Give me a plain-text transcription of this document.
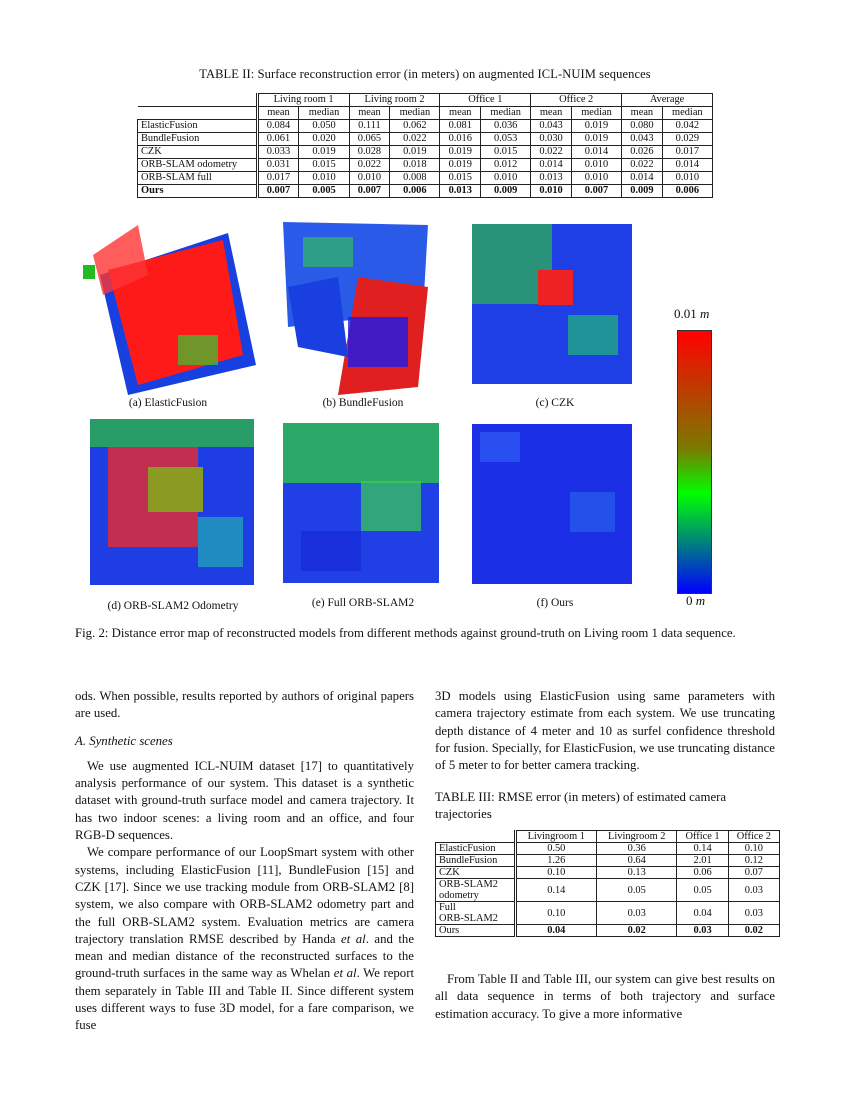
TABLE II: Surface reconstruction error (in meters) on augmented ICL-NUIM sequences
	Living room 1		Living room 2		Office 1		Office 2		Average	
	mean	median	mean	median	mean	median	mean	median	mean	median
ElasticFusion	0.084	0.050	0.111	0.062	0.081	0.036	0.043	0.019	0.080	0.042
BundleFusion	0.061	0.020	0.065	0.022	0.016	0.053	0.030	0.019	0.043	0.029
CZK	0.033	0.019	0.028	0.019	0.019	0.015	0.022	0.014	0.026	0.017
ORB-SLAM odometry	0.031	0.015	0.022	0.018	0.019	0.012	0.014	0.010	0.022	0.014
ORB-SLAM full	0.017	0.010	0.010	0.008	0.015	0.010	0.013	0.010	0.014	0.010
Ours	0.007	0.005	0.007	0.006	0.013	0.009	0.010	0.007	0.009	0.006
(a) ElasticFusion	(b) BundleFusion	(c) CZK
(d) ORB-SLAM2 Odometry	(e) Full ORB-SLAM2	(f) Ours
0.01 m
0 m
Fig. 2: Distance error map of reconstructed models from different methods against ground-truth on Living room 1 data sequence.

ods. When possible, results reported by authors of original papers are used.

A. Synthetic scenes

We use augmented ICL-NUIM dataset [17] to quantitatively analysis performance of our system. This dataset is a synthetic dataset with ground-truth surface model and camera trajectory. It has two indoor scenes: a living room and an office, and four RGB-D sequences.

We compare performance of our LoopSmart system with other systems, including ElasticFusion [11], BundleFusion [15] and CZK [17]. Since we use tracking module from ORB-SLAM2 [8] system, we also compare with ORB-SLAM2 odometry part and the full ORB-SLAM2 system. Evaluation metrics are camera trajectory translation RMSE described by Handa et al. and the mean and median distance of the reconstructed surfaces to the ground-truth surfaces in the same way as Whelan et al. We report them separately in Table III and Table II. Since different system uses different ways to fuse 3D model, for a fare comparison, we fuse

3D models using ElasticFusion using same parameters with camera trajectory estimate from each system. We use truncating depth distance of 4 meter and 10 as surfel confidence threshold for fusion. Specially, for ElasticFusion, we use truncating distance of 5 meter to for better camera tracking.

TABLE III: RMSE error (in meters) of estimated camera trajectories
	Livingroom 1	Livingroom 2	Office 1	Office 2

ElasticFusion	0.50	0.36	0.14	0.10

BundleFusion	1.26	0.64	2.01	0.12

CZK	0.10	0.13	0.06	0.07

ORB-SLAM2
odometry	0.14	0.05	0.05	0.03

Full
ORB-SLAM2	0.10	0.03	0.04	0.03

Ours	0.04	0.02	0.03	0.02

From Table II and Table III, our system can give best results on all data sequence in terms of both trajectory and surface estimation accuracy. To give a more informative
